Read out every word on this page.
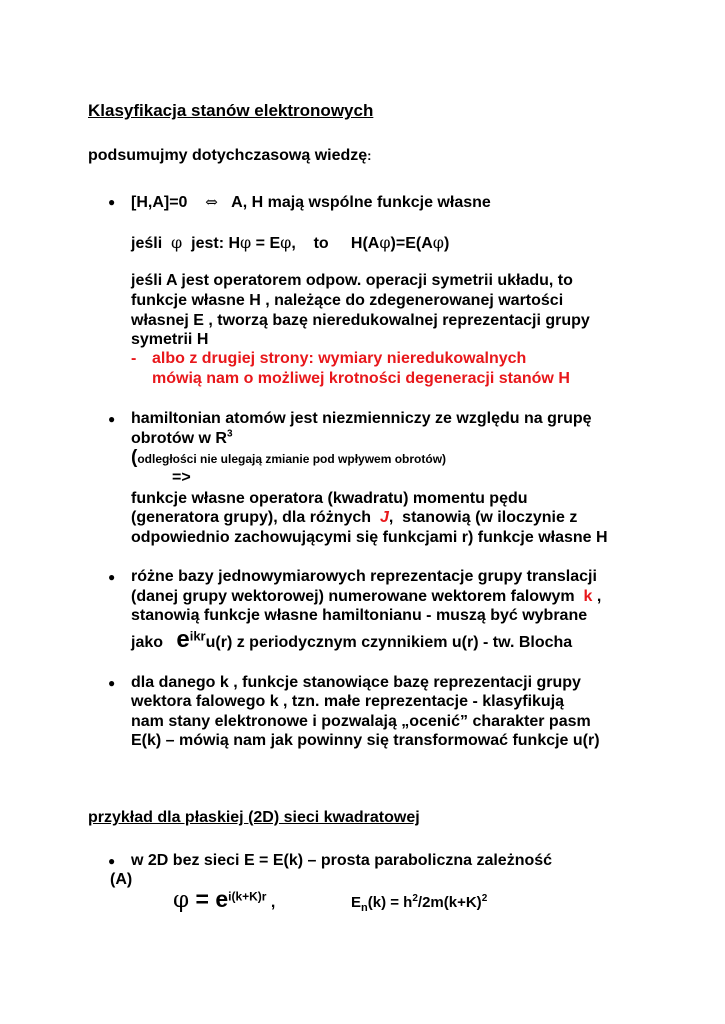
Klasyfikacja stanów elektronowych
podsumujmy dotychczasową wiedzę:
● [H,A]=0 ⇔ A, H mają wspólne funkcje własne
jeśli φ jest: Hφ = Eφ,    to     H(Aφ)=E(Aφ)
jeśli A jest operatorem odpow. operacji symetrii układu, to
funkcje własne H , należące do zdegenerowanej wartości
własnej E , tworzą bazę nieredukowalnej reprezentacji grupy
symetrii H
- albo z drugiej strony: wymiary nieredukowalnych
mówią nam o możliwej krotności degeneracji stanów H
● hamiltonian atomów jest niezmienniczy ze względu na grupę
obrotów w $R^3$
(odległości nie ulegają zmianie pod wpływem obrotów)
=>
funkcje własne operatora (kwadratu) momentu pędu
(generatora grupy), dla różnych J,  stanowią (w iloczynie z
odpowiednio zachowującymi się funkcjami r) funkcje własne H
● różne bazy jednowymiarowych reprezentacje grupy translacji
(danej grupy wektorowej) numerowane wektorem falowym k ,
stanowią funkcje własne hamiltonianu - muszą być wybrane
jako $e^{ikr}u(r)$ z periodycznym czynnikiem u(r) - tw. Blocha
● dla danego k , funkcje stanowiące bazę reprezentacji grupy
wektora falowego k , tzn. małe reprezentacje - klasyfikują
nam stany elektronowe i pozwalają „ocenić” charakter pasm
E(k) – mówią nam jak powinny się transformować funkcje u(r)
przykład dla płaskiej (2D) sieci kwadratowej
● w 2D bez sieci E = E(k) – prosta paraboliczna zależność
(A)
$\varphi = e^{i(k+K)r}$ ,	$E_n(k) = h^2/2m(k+K)^2$
